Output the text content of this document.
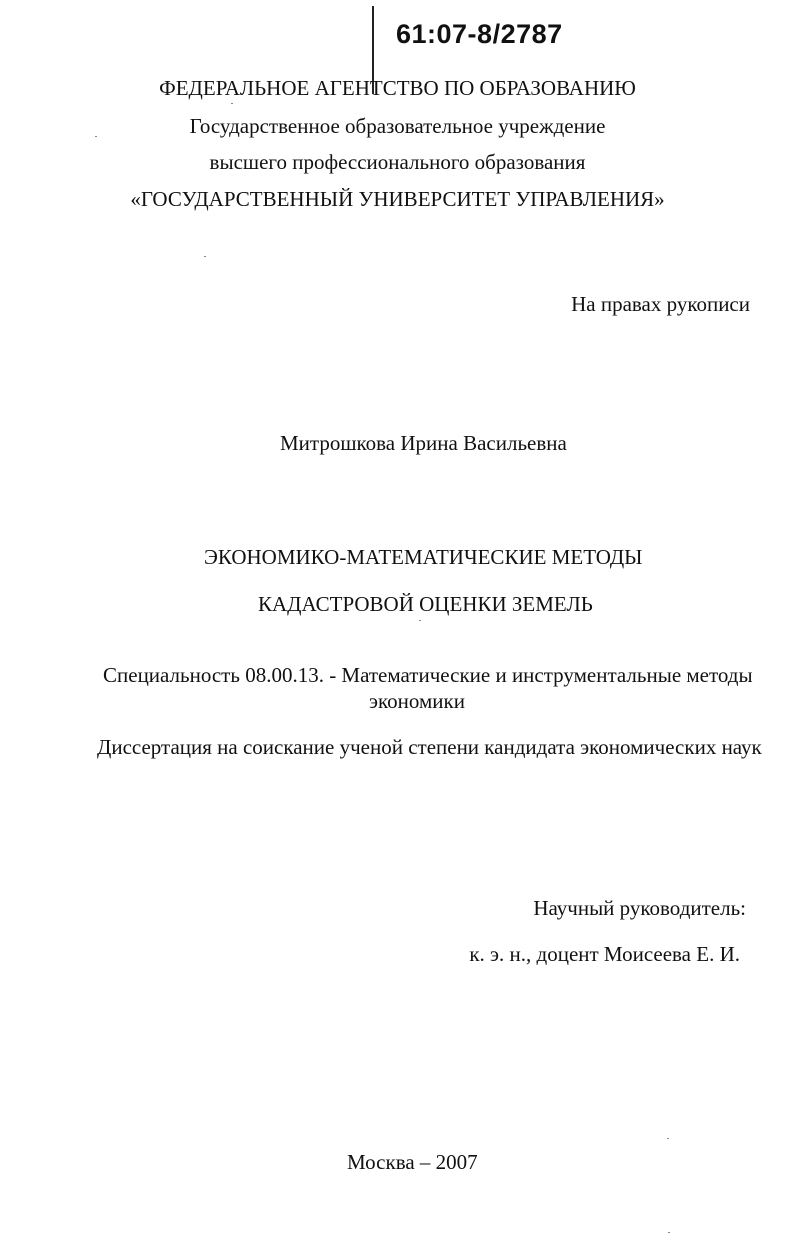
61:07-8/2787
ФЕДЕРАЛЬНОЕ АГЕНТСТВО ПО ОБРАЗОВАНИЮ
Государственное образовательное учреждение
высшего профессионального образования
«ГОСУДАРСТВЕННЫЙ УНИВЕРСИТЕТ УПРАВЛЕНИЯ»
На правах рукописи
Митрошкова Ирина Васильевна
ЭКОНОМИКО-МАТЕМАТИЧЕСКИЕ МЕТОДЫ
КАДАСТРОВОЙ ОЦЕНКИ ЗЕМЕЛЬ
Специальность 08.00.13. - Математические и инструментальные методы
экономики
Диссертация на соискание ученой степени кандидата экономических наук
Научный руководитель:
к. э. н., доцент Моисеева Е. И.
Москва – 2007
